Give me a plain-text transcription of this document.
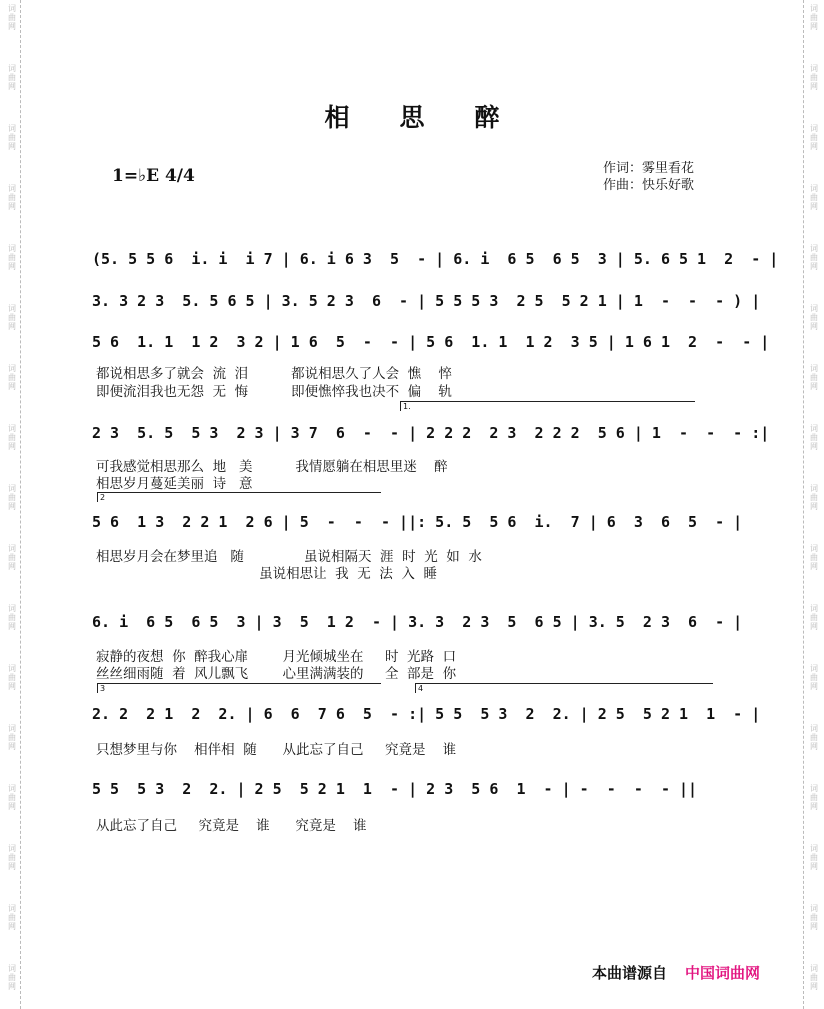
词
曲
网
词
曲
网
词
曲
网
词
曲
网
词
曲
网
词
曲
网
词
曲
网
词
曲
网
词
曲
网
词
曲
网
词
曲
网
词
曲
网
词
曲
网
词
曲
网
词
曲
网
词
曲
网
词
曲
网
词
曲
网
词
曲
网
词
曲
网
词
曲
网
词
曲
网
词
曲
网
词
曲
网
词
曲
网
词
曲
网
词
曲
网
词
曲
网
词
曲
网
词
曲
网
词
曲
网
词
曲
网
词
曲
网
词
曲
网
相　　思　　醉
1=♭E 4/4	作词：雾里看花
作曲：快乐好歌
(5. 5 5 6  i. i  i 7 | 6. i 6 3  5  - | 6. i  6 5  6 5  3 | 5. 6 5 1  2  - |
3. 3 2 3  5. 5 6 5 | 3. 5 2 3  6  - | 5 5 5 3  2 5  5 2 1 | 1  -  -  - ) |
5 6  1. 1  1 2  3 2 | 1 6  5  -  - | 5 6  1. 1  1 2  3 5 | 1 6 1  2  -  - |
都说相思多了就会  流  泪          都说相思久了人会  憔    悴
即便流泪我也无怨  无  悔          即便憔悴我也决不  偏    轨
1.
2 3  5. 5  5 3  2 3 | 3 7  6  -  - | 2 2 2  2 3  2 2 2  5 6 | 1  -  -  - :|
可我感觉相思那么  地   美          我情愿躺在相思里迷    醉
相思岁月蔓延美丽  诗   意
2
5 6  1 3  2 2 1  2 6 | 5  -  -  - ||: 5. 5  5 6  i.  7 | 6  3  6  5  - |
相思岁月会在梦里追   随              虽说相隔天  涯  时  光  如  水
虽说相思让  我  无  法  入  睡
6. i  6 5  6 5  3 | 3  5  1 2  - | 3. 3  2 3  5  6 5 | 3. 5  2 3  6  - |
寂静的夜想  你  醉我心扉        月光倾城坐在     时  光路  口
丝丝细雨随  着  风儿飘飞        心里满满装的     全  部是  你
3	4
2. 2  2 1  2  2. | 6  6  7 6  5  - :| 5 5  5 3  2  2. | 2 5  5 2 1  1  - |
只想梦里与你    相伴相  随      从此忘了自己     究竟是    谁
5 5  5 3  2  2. | 2 5  5 2 1  1  - | 2 3  5 6  1  - | -  -  -  - ||
从此忘了自己     究竟是    谁      究竟是    谁
本曲谱源自 中国词曲网
